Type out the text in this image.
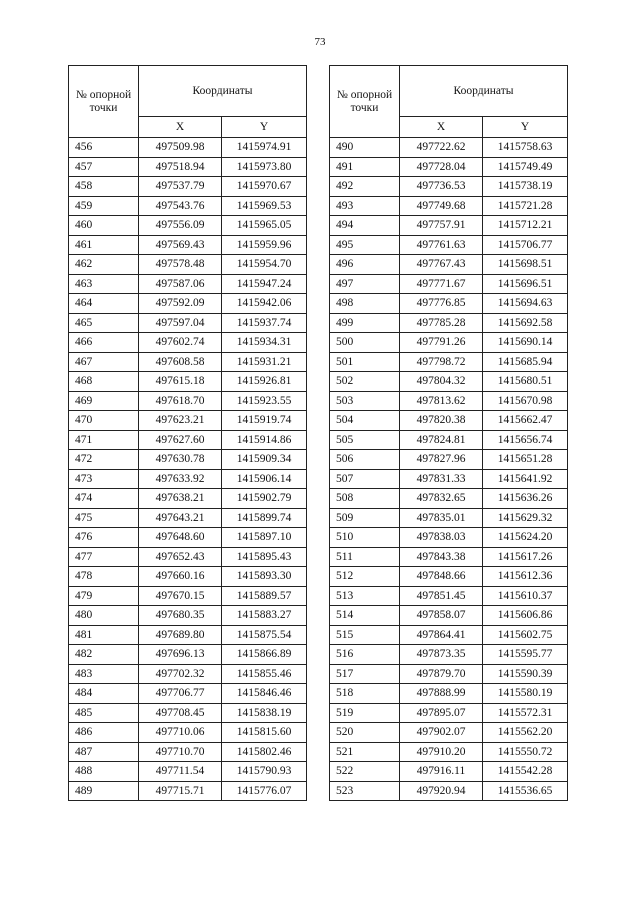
73
№ опорной точки	Координаты	
	X	Y
456	497509.98	1415974.91
457	497518.94	1415973.80
458	497537.79	1415970.67
459	497543.76	1415969.53
460	497556.09	1415965.05
461	497569.43	1415959.96
462	497578.48	1415954.70
463	497587.06	1415947.24
464	497592.09	1415942.06
465	497597.04	1415937.74
466	497602.74	1415934.31
467	497608.58	1415931.21
468	497615.18	1415926.81
469	497618.70	1415923.55
470	497623.21	1415919.74
471	497627.60	1415914.86
472	497630.78	1415909.34
473	497633.92	1415906.14
474	497638.21	1415902.79
475	497643.21	1415899.74
476	497648.60	1415897.10
477	497652.43	1415895.43
478	497660.16	1415893.30
479	497670.15	1415889.57
480	497680.35	1415883.27
481	497689.80	1415875.54
482	497696.13	1415866.89
483	497702.32	1415855.46
484	497706.77	1415846.46
485	497708.45	1415838.19
486	497710.06	1415815.60
487	497710.70	1415802.46
488	497711.54	1415790.93
489	497715.71	1415776.07
№ опорной точки	Координаты	
	X	Y
490	497722.62	1415758.63
491	497728.04	1415749.49
492	497736.53	1415738.19
493	497749.68	1415721.28
494	497757.91	1415712.21
495	497761.63	1415706.77
496	497767.43	1415698.51
497	497771.67	1415696.51
498	497776.85	1415694.63
499	497785.28	1415692.58
500	497791.26	1415690.14
501	497798.72	1415685.94
502	497804.32	1415680.51
503	497813.62	1415670.98
504	497820.38	1415662.47
505	497824.81	1415656.74
506	497827.96	1415651.28
507	497831.33	1415641.92
508	497832.65	1415636.26
509	497835.01	1415629.32
510	497838.03	1415624.20
511	497843.38	1415617.26
512	497848.66	1415612.36
513	497851.45	1415610.37
514	497858.07	1415606.86
515	497864.41	1415602.75
516	497873.35	1415595.77
517	497879.70	1415590.39
518	497888.99	1415580.19
519	497895.07	1415572.31
520	497902.07	1415562.20
521	497910.20	1415550.72
522	497916.11	1415542.28
523	497920.94	1415536.65
